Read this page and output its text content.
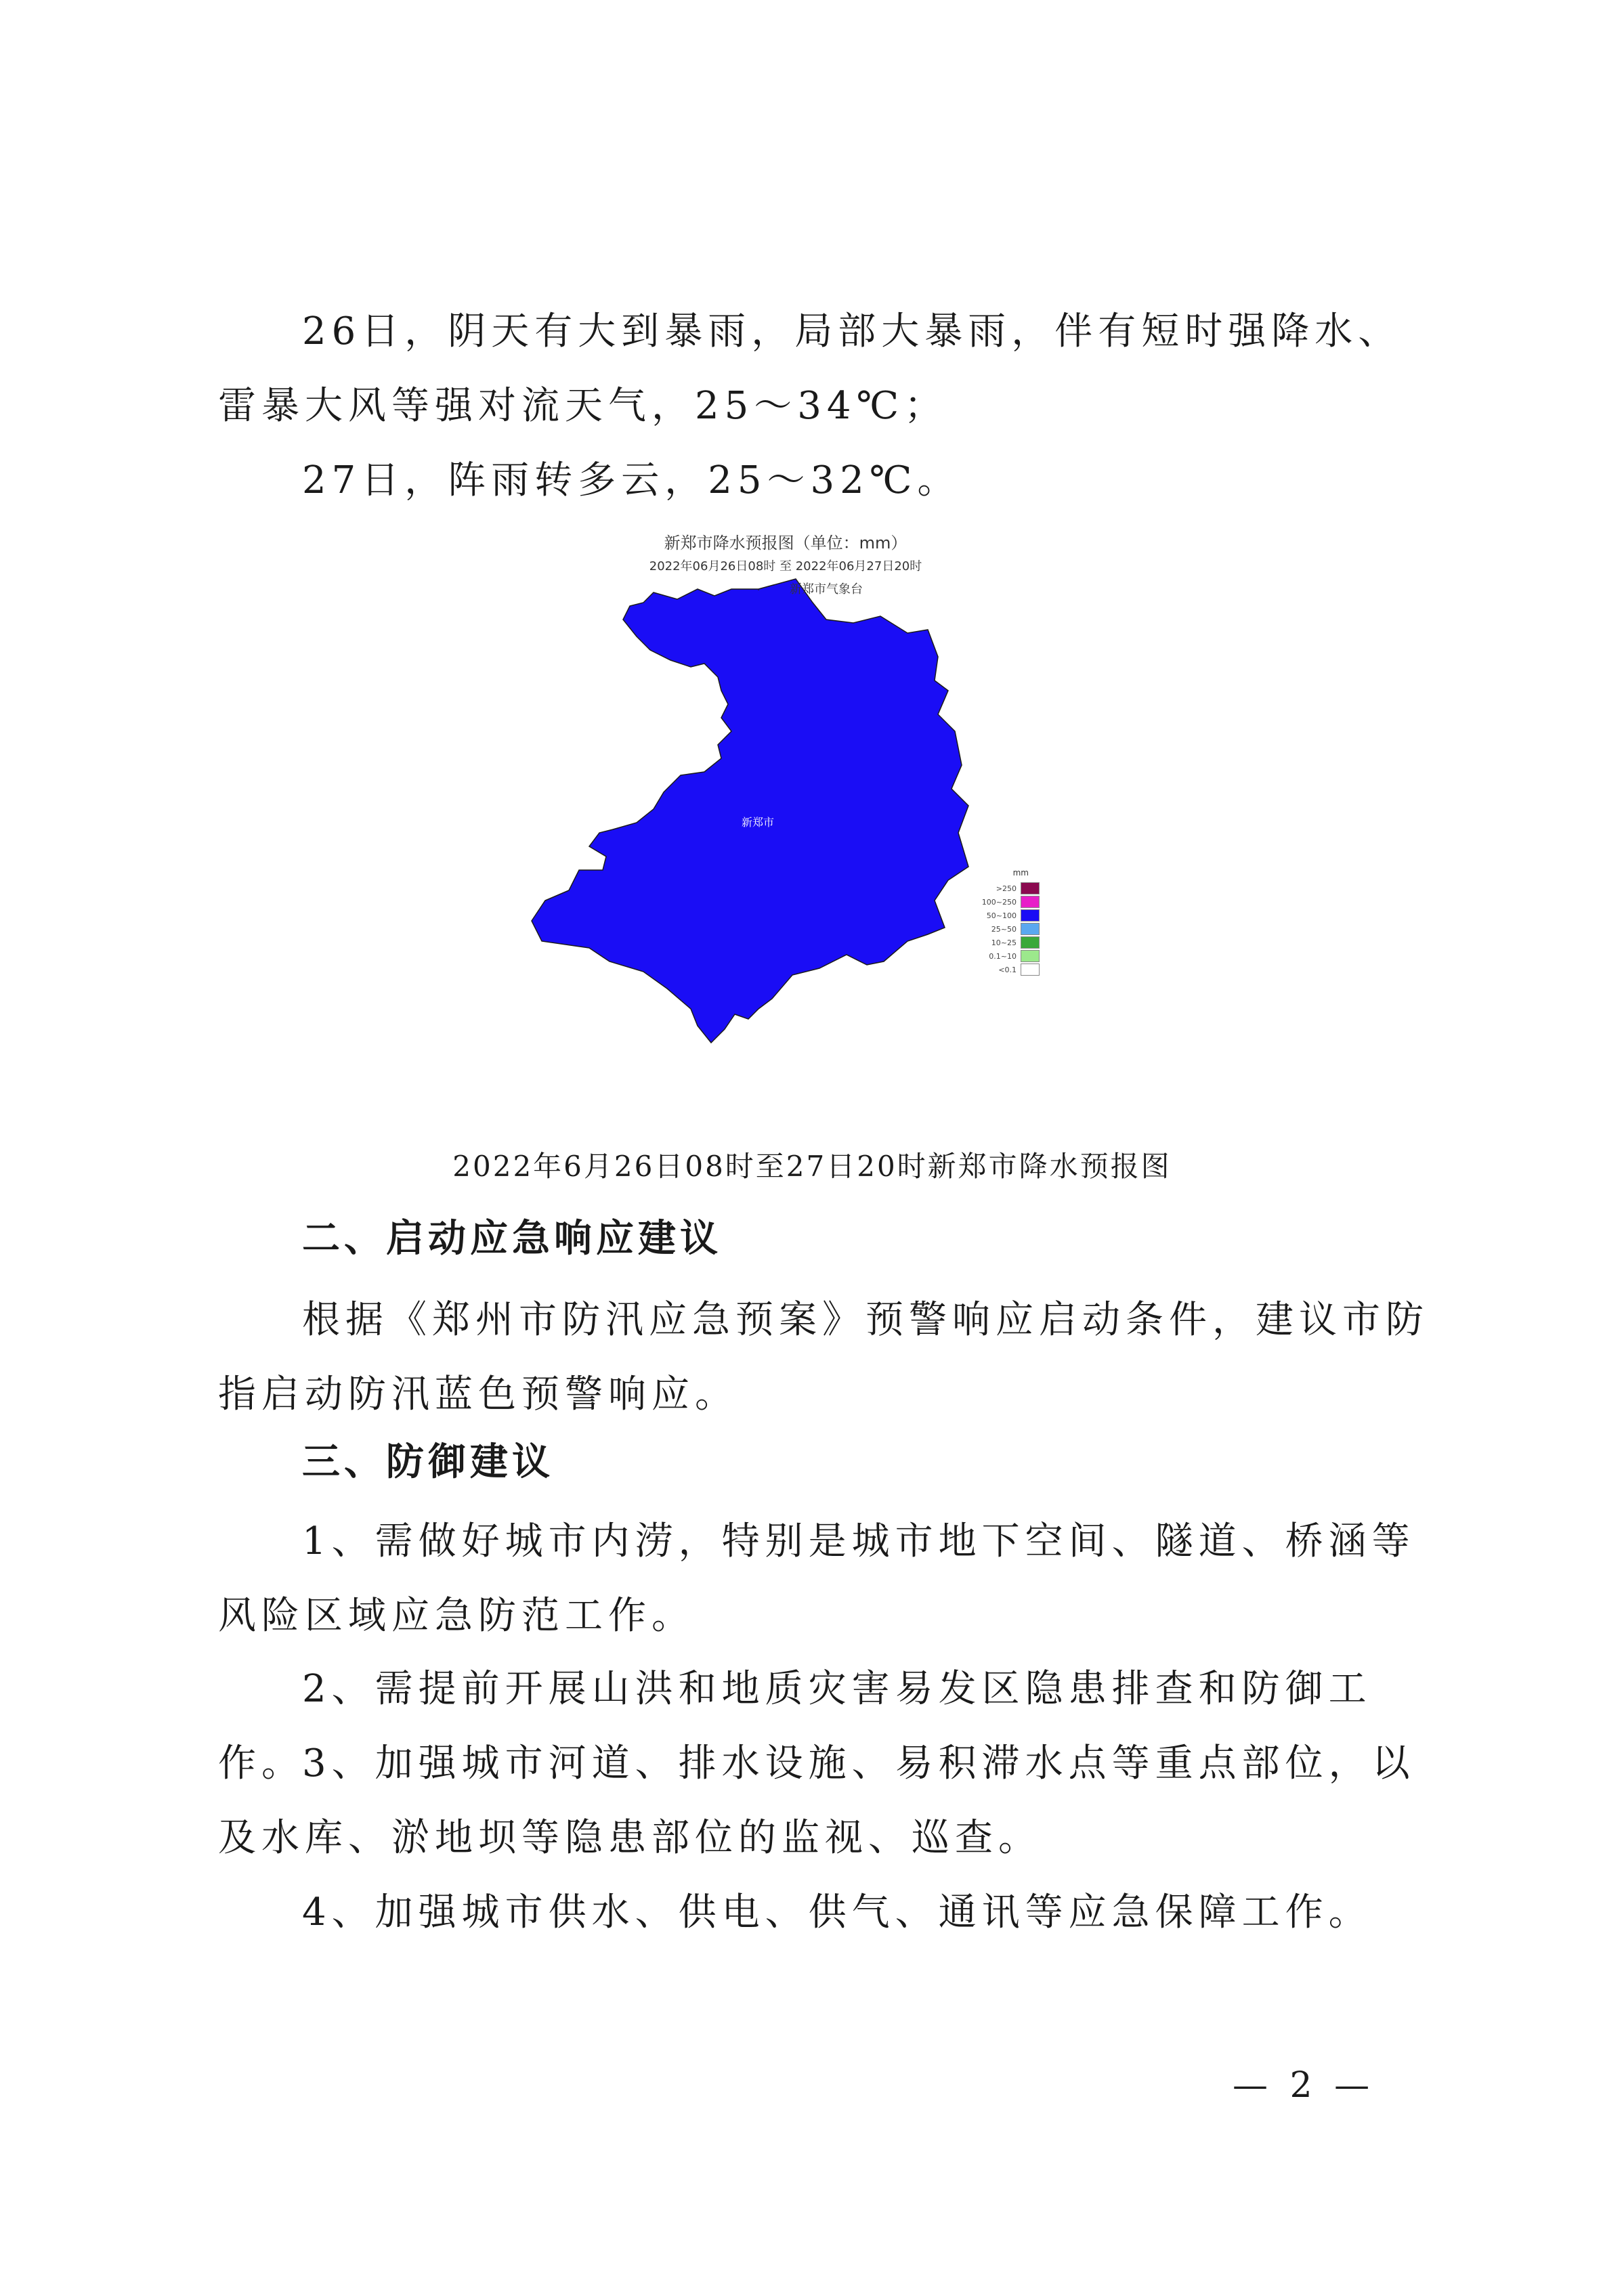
26日，阴天有大到暴雨，局部大暴雨，伴有短时强降水、雷暴大风等强对流天气，25～34℃；

27日，阵雨转多云，25～32℃。

·
新郑市降水预报图（单位：mm）
2022年06月26日08时 至 2022年06月27日20时
新郑市气象台
新郑市
mm
>250
100~250
50~100
25~50
10~25
0.1~10
<0.1
2022年6月26日08时至27日20时新郑市降水预报图
二、启动应急响应建议

根据《郑州市防汛应急预案》预警响应启动条件，建议市防指启动防汛蓝色预警响应。

三、防御建议

1、需做好城市内涝，特别是城市地下空间、隧道、桥涵等风险区域应急防范工作。

2、需提前开展山洪和地质灾害易发区隐患排查和防御工作。

3、加强城市河道、排水设施、易积滞水点等重点部位，以及水库、淤地坝等隐患部位的监视、巡查。

4、加强城市供水、供电、供气、通讯等应急保障工作。

— 2 —
